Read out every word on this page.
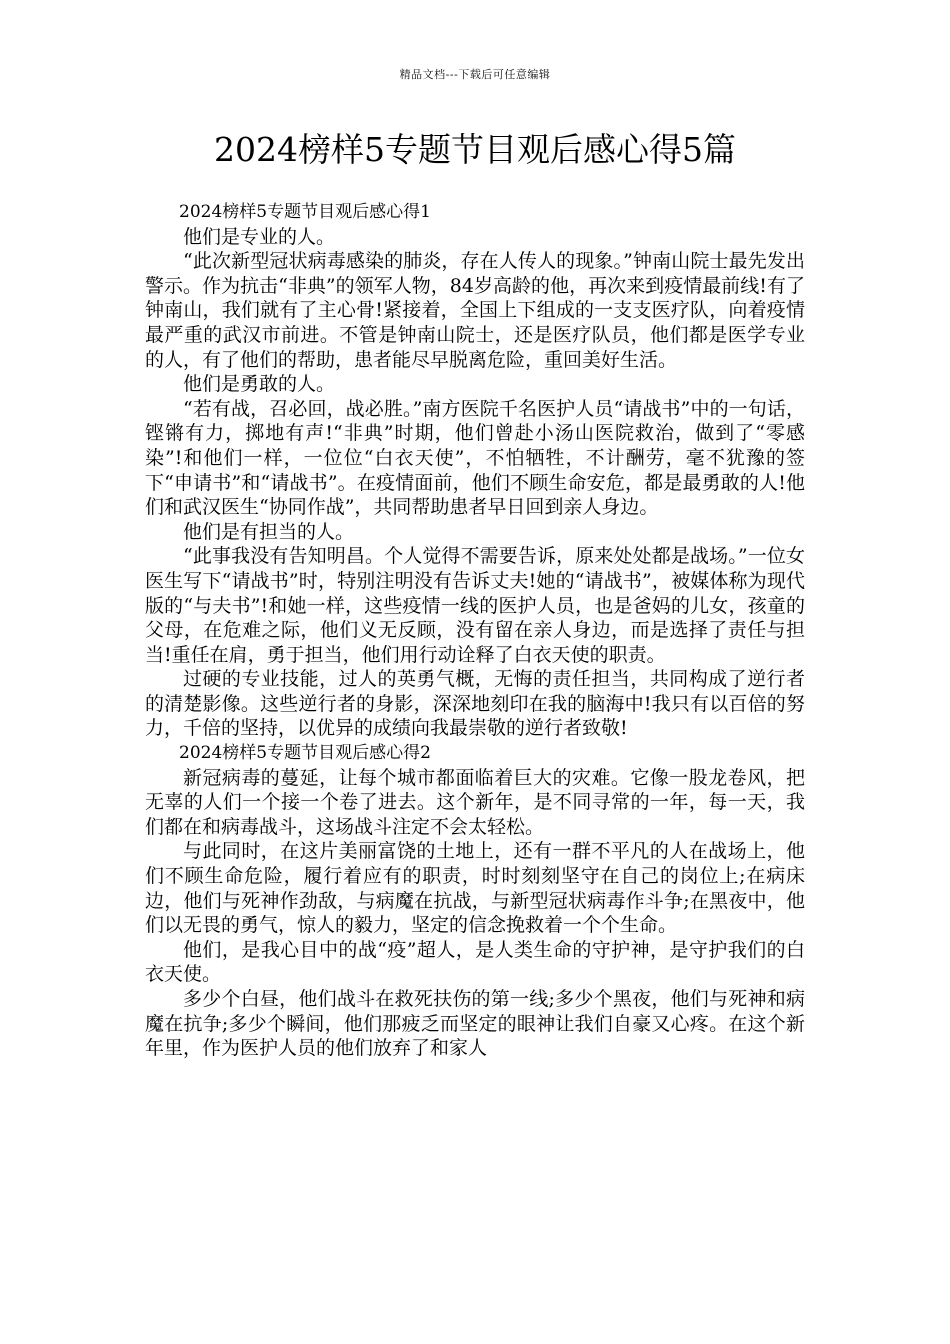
精品文档---下载后可任意编辑
2024榜样5专题节目观后感心得5篇

2024榜样5专题节目观后感心得1

他们是专业的人。

“此次新型冠状病毒感染的肺炎，存在人传人的现象。”钟南山院士最先发出警示。作为抗击“非典”的领军人物，84岁高龄的他，再次来到疫情最前线!有了钟南山，我们就有了主心骨!紧接着，全国上下组成的一支支医疗队，向着疫情最严重的武汉市前进。不管是钟南山院士，还是医疗队员，他们都是医学专业的人，有了他们的帮助，患者能尽早脱离危险，重回美好生活。

他们是勇敢的人。

“若有战，召必回，战必胜。”南方医院千名医护人员“请战书”中的一句话，铿锵有力，掷地有声!“非典”时期，他们曾赴小汤山医院救治，做到了“零感染”!和他们一样，一位位“白衣天使”，不怕牺牲，不计酬劳，毫不犹豫的签下“申请书”和“请战书”。在疫情面前，他们不顾生命安危，都是最勇敢的人!他们和武汉医生“协同作战”，共同帮助患者早日回到亲人身边。

他们是有担当的人。

“此事我没有告知明昌。个人觉得不需要告诉，原来处处都是战场。”一位女医生写下“请战书”时，特别注明没有告诉丈夫!她的“请战书”，被媒体称为现代版的“与夫书”!和她一样，这些疫情一线的医护人员，也是爸妈的儿女，孩童的父母，在危难之际，他们义无反顾，没有留在亲人身边，而是选择了责任与担当!重任在肩，勇于担当，他们用行动诠释了白衣天使的职责。

过硬的专业技能，过人的英勇气概，无悔的责任担当，共同构成了逆行者的清楚影像。这些逆行者的身影，深深地刻印在我的脑海中!我只有以百倍的努力，千倍的坚持，以优异的成绩向我最崇敬的逆行者致敬!

2024榜样5专题节目观后感心得2

新冠病毒的蔓延，让每个城市都面临着巨大的灾难。它像一股龙卷风，把无辜的人们一个接一个卷了进去。这个新年，是不同寻常的一年，每一天，我们都在和病毒战斗，这场战斗注定不会太轻松。

与此同时，在这片美丽富饶的土地上，还有一群不平凡的人在战场上，他们不顾生命危险，履行着应有的职责，时时刻刻坚守在自己的岗位上;在病床边，他们与死神作劲敌，与病魔在抗战，与新型冠状病毒作斗争;在黑夜中，他们以无畏的勇气，惊人的毅力，坚定的信念挽救着一个个生命。

他们，是我心目中的战“疫”超人，是人类生命的守护神，是守护我们的白衣天使。

多少个白昼，他们战斗在救死扶伤的第一线;多少个黑夜，他们与死神和病魔在抗争;多少个瞬间，他们那疲乏而坚定的眼神让我们自豪又心疼。在这个新年里，作为医护人员的他们放弃了和家人
